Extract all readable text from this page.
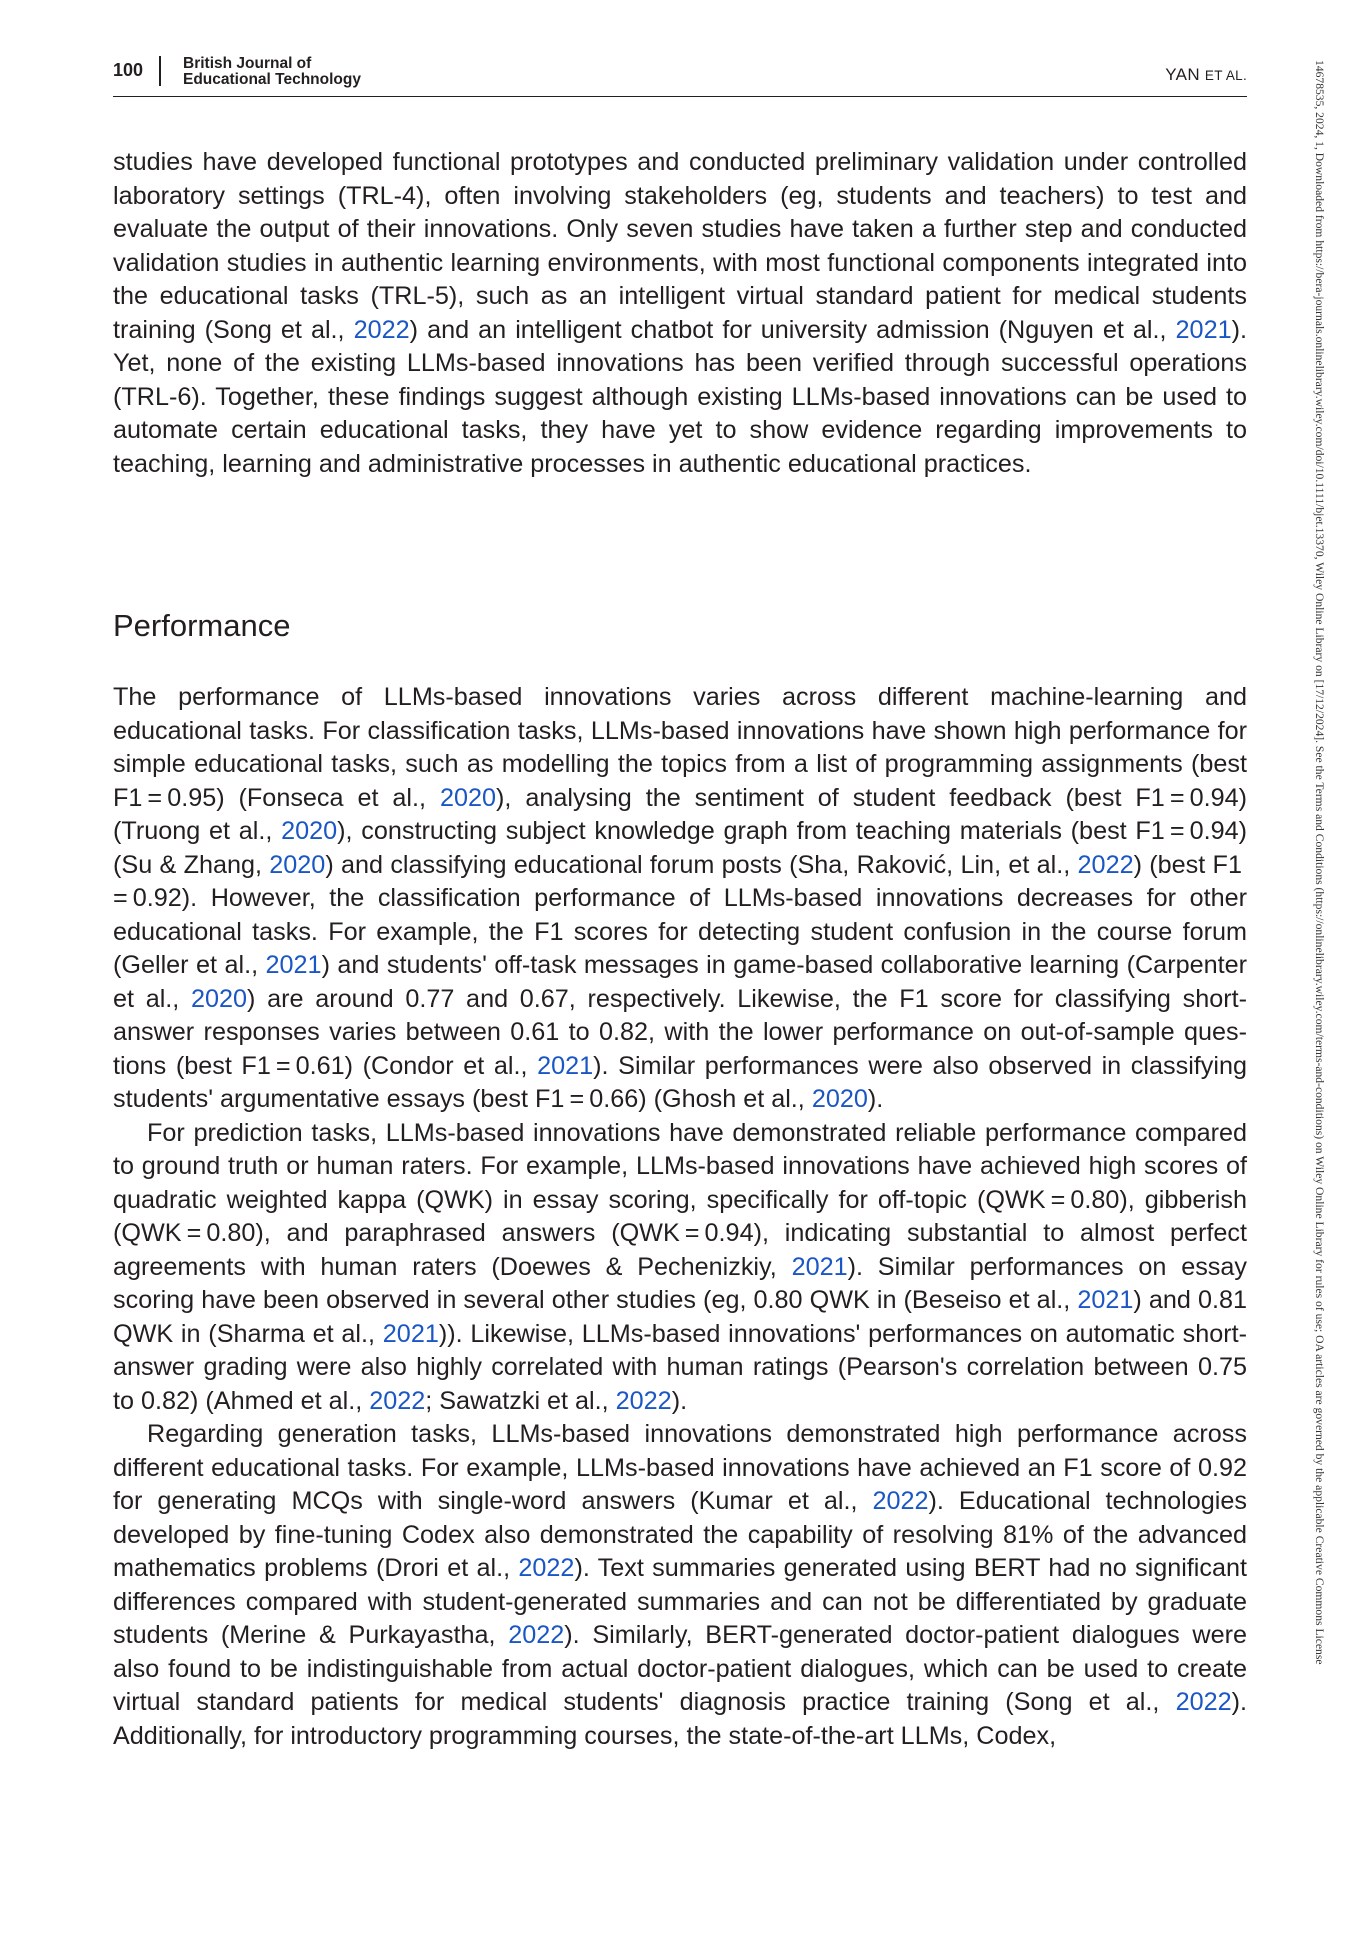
100	British Journal of
Educational Technology	YAN ET AL.	14678535, 2024, 1, Downloaded from https://bera-journals.onlinelibrary.wiley.com/doi/10.1111/bjet.13370, Wiley Online Library on [17/12/2024]. See the Terms and Conditions (https://onlinelibrary.wiley.com/terms-and-conditions) on Wiley Online Library for rules of use; OA articles are governed by the applicable Creative Commons License

studies have developed functional prototypes and conducted preliminary validation under controlled laboratory settings (TRL-4), often involving stakeholders (eg, students and teachers) to test and evaluate the output of their innovations. Only seven studies have taken a further step and conducted validation studies in authentic learning environments, with most functional components integrated into the educational tasks (TRL-5), such as an intelligent virtual standard patient for medical students training (Song et al., 2022) and an intelligent chatbot for university admission (Nguyen et al., 2021). Yet, none of the existing LLMs-based innovations has been verified through successful operations (TRL-6). Together, these findings suggest although existing LLMs-based innovations can be used to automate certain educational tasks, they have yet to show evidence regarding improvements to teaching, learning and administrative processes in authentic educational practices.

Performance

The performance of LLMs-based innovations varies across different machine-learning and educational tasks. For classification tasks, LLMs-based innovations have shown high performance for simple educational tasks, such as modelling the topics from a list of programming assignments (best F1 = 0.95) (Fonseca et al., 2020), analysing the sentiment of student feedback (best F1 = 0.94) (Truong et al., 2020), constructing subject knowledge graph from teaching materials (best F1 = 0.94) (Su & Zhang, 2020) and classifying educational forum posts (Sha, Raković, Lin, et al., 2022) (best F1 = 0.92). However, the classification performance of LLMs-based innovations decreases for other educational tasks. For example, the F1 scores for detecting student confusion in the course forum (Geller et al., 2021) and students' off-task messages in game-based collaborative learning (Carpenter et al., 2020) are around 0.77 and 0.67, respectively. Likewise, the F1 score for classifying short-answer responses varies between 0.61 to 0.82, with the lower performance on out-of-sample questions (best F1 = 0.61) (Condor et al., 2021). Similar performances were also observed in classifying students' argumentative essays (best F1 = 0.66) (Ghosh et al., 2020).

For prediction tasks, LLMs-based innovations have demonstrated reliable performance compared to ground truth or human raters. For example, LLMs-based innovations have achieved high scores of quadratic weighted kappa (QWK) in essay scoring, specifically for off-topic (QWK = 0.80), gibberish (QWK = 0.80), and paraphrased answers (QWK = 0.94), indicating substantial to almost perfect agreements with human raters (Doewes & Pechenizkiy, 2021). Similar performances on essay scoring have been observed in several other studies (eg, 0.80 QWK in (Beseiso et al., 2021) and 0.81 QWK in (Sharma et al., 2021)). Likewise, LLMs-based innovations' performances on automatic short-answer grading were also highly correlated with human ratings (Pearson's correlation between 0.75 to 0.82) (Ahmed et al., 2022; Sawatzki et al., 2022).

Regarding generation tasks, LLMs-based innovations demonstrated high performance across different educational tasks. For example, LLMs-based innovations have achieved an F1 score of 0.92 for generating MCQs with single-word answers (Kumar et al., 2022). Educational technologies developed by fine-tuning Codex also demonstrated the capability of resolving 81% of the advanced mathematics problems (Drori et al., 2022). Text summaries generated using BERT had no significant differences compared with student-generated summaries and can not be differentiated by graduate students (Merine & Purkayastha, 2022). Similarly, BERT-generated doctor-patient dialogues were also found to be indistinguishable from actual doctor-patient dialogues, which can be used to create virtual standard patients for medical students' diagnosis practice training (Song et al., 2022). Additionally, for introductory programming courses, the state-of-the-art LLMs, Codex,
